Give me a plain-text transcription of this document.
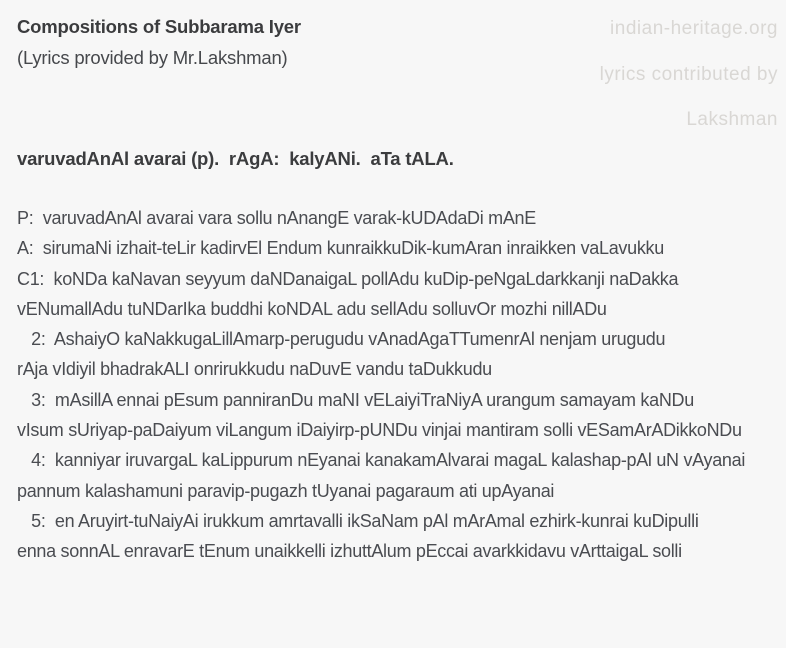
indian-heritage.org
lyrics contributed by
Lakshman
Compositions of Subbarama Iyer
(Lyrics provided by Mr.Lakshman)
varuvadAnAl avarai (p).  rAgA:  kalyANi.  aTa tALA.
P:  varuvadAnAl avarai vara sollu nAnangE varak-kUDAdaDi mAnE
A:  sirumaNi izhait-teLir kadirvEl Endum kunraikkuDik-kumAran inraikken vaLavukku
C1:  koNDa kaNavan seyyum daNDanaigaL pollAdu kuDip-peNgaLdarkkanji naDakka
vENumallAdu tuNDarIka buddhi koNDAL adu sellAdu solluvOr mozhi nillADu
2:  AshaiyO kaNakkugaLillAmarp-perugudu vAnadAgaTTumenrAl nenjam urugudu
rAja vIdiyil bhadrakALI onrirukkudu naDuvE vandu taDukkudu
3:  mAsillA ennai pEsum panniranDu maNI vELaiyiTraNiyA urangum samayam kaNDu
vIsum sUriyap-paDaiyum viLangum iDaiyirp-pUNDu vinjai mantiram solli vESamArADikkoNDu
4:  kanniyar iruvargaL kaLippurum nEyanai kanakamAlvarai magaL kalashap-pAl uN vAyanai
pannum kalashamuni paravip-pugazh tUyanai pagaraum ati upAyanai
5:  en Aruyirt-tuNaiyAi irukkum amrtavalli ikSaNam pAl mArAmal ezhirk-kunrai kuDipulli
enna sonnAL enravarE tEnum unaikkelli izhuttAlum pEccai avarkkidavu vArttaigaL solli
